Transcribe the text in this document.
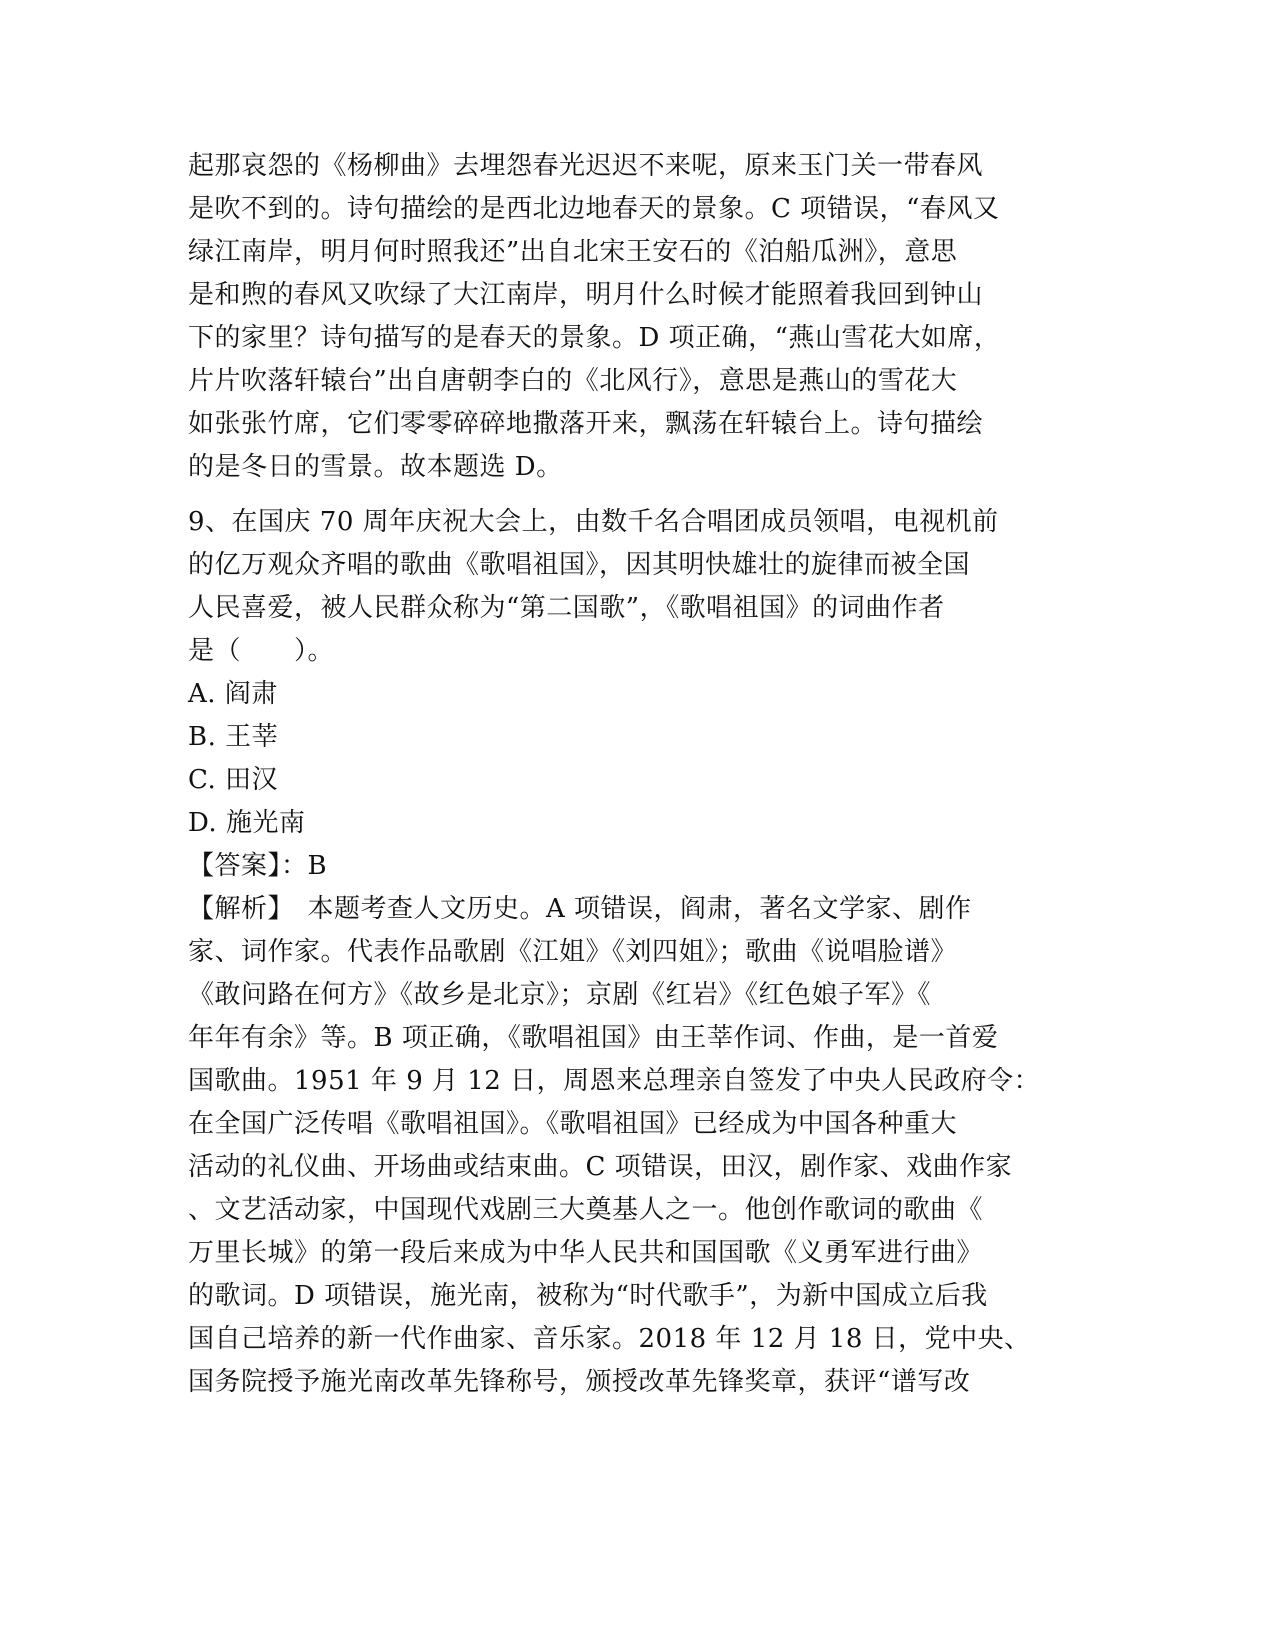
起那哀怨的《杨柳曲》去埋怨春光迟迟不来呢，原来玉门关一带春风
是吹不到的。诗句描绘的是西北边地春天的景象。C 项错误，“春风又
绿江南岸，明月何时照我还”出自北宋王安石的《泊船瓜洲》，意思
是和煦的春风又吹绿了大江南岸，明月什么时候才能照着我回到钟山
下的家里？诗句描写的是春天的景象。D 项正确，“燕山雪花大如席，
片片吹落轩辕台”出自唐朝李白的《北风行》，意思是燕山的雪花大
如张张竹席，它们零零碎碎地撒落开来，飘荡在轩辕台上。诗句描绘
的是冬日的雪景。故本题选 D。
9、在国庆 70 周年庆祝大会上，由数千名合唱团成员领唱，电视机前
的亿万观众齐唱的歌曲《歌唱祖国》，因其明快雄壮的旋律而被全国
人民喜爱，被人民群众称为“第二国歌”，《歌唱祖国》的词曲作者
是（　　）。
A. 阎肃
B. 王莘
C. 田汉
D. 施光南
【答案】：B
【解析】　本题考查人文历史。A 项错误，阎肃，著名文学家、剧作
家、词作家。代表作品歌剧《江姐》《刘四姐》；歌曲《说唱脸谱》
《敢问路在何方》《故乡是北京》；京剧《红岩》《红色娘子军》《
年年有余》等。B 项正确，《歌唱祖国》由王莘作词、作曲，是一首爱
国歌曲。1951 年 9 月 12 日，周恩来总理亲自签发了中央人民政府令：
在全国广泛传唱《歌唱祖国》。《歌唱祖国》已经成为中国各种重大
活动的礼仪曲、开场曲或结束曲。C 项错误，田汉，剧作家、戏曲作家
、文艺活动家，中国现代戏剧三大奠基人之一。他创作歌词的歌曲《
万里长城》的第一段后来成为中华人民共和国国歌《义勇军进行曲》
的歌词。D 项错误，施光南，被称为“时代歌手”，为新中国成立后我
国自己培养的新一代作曲家、音乐家。2018 年 12 月 18 日，党中央、
国务院授予施光南改革先锋称号，颁授改革先锋奖章，获评“谱写改
